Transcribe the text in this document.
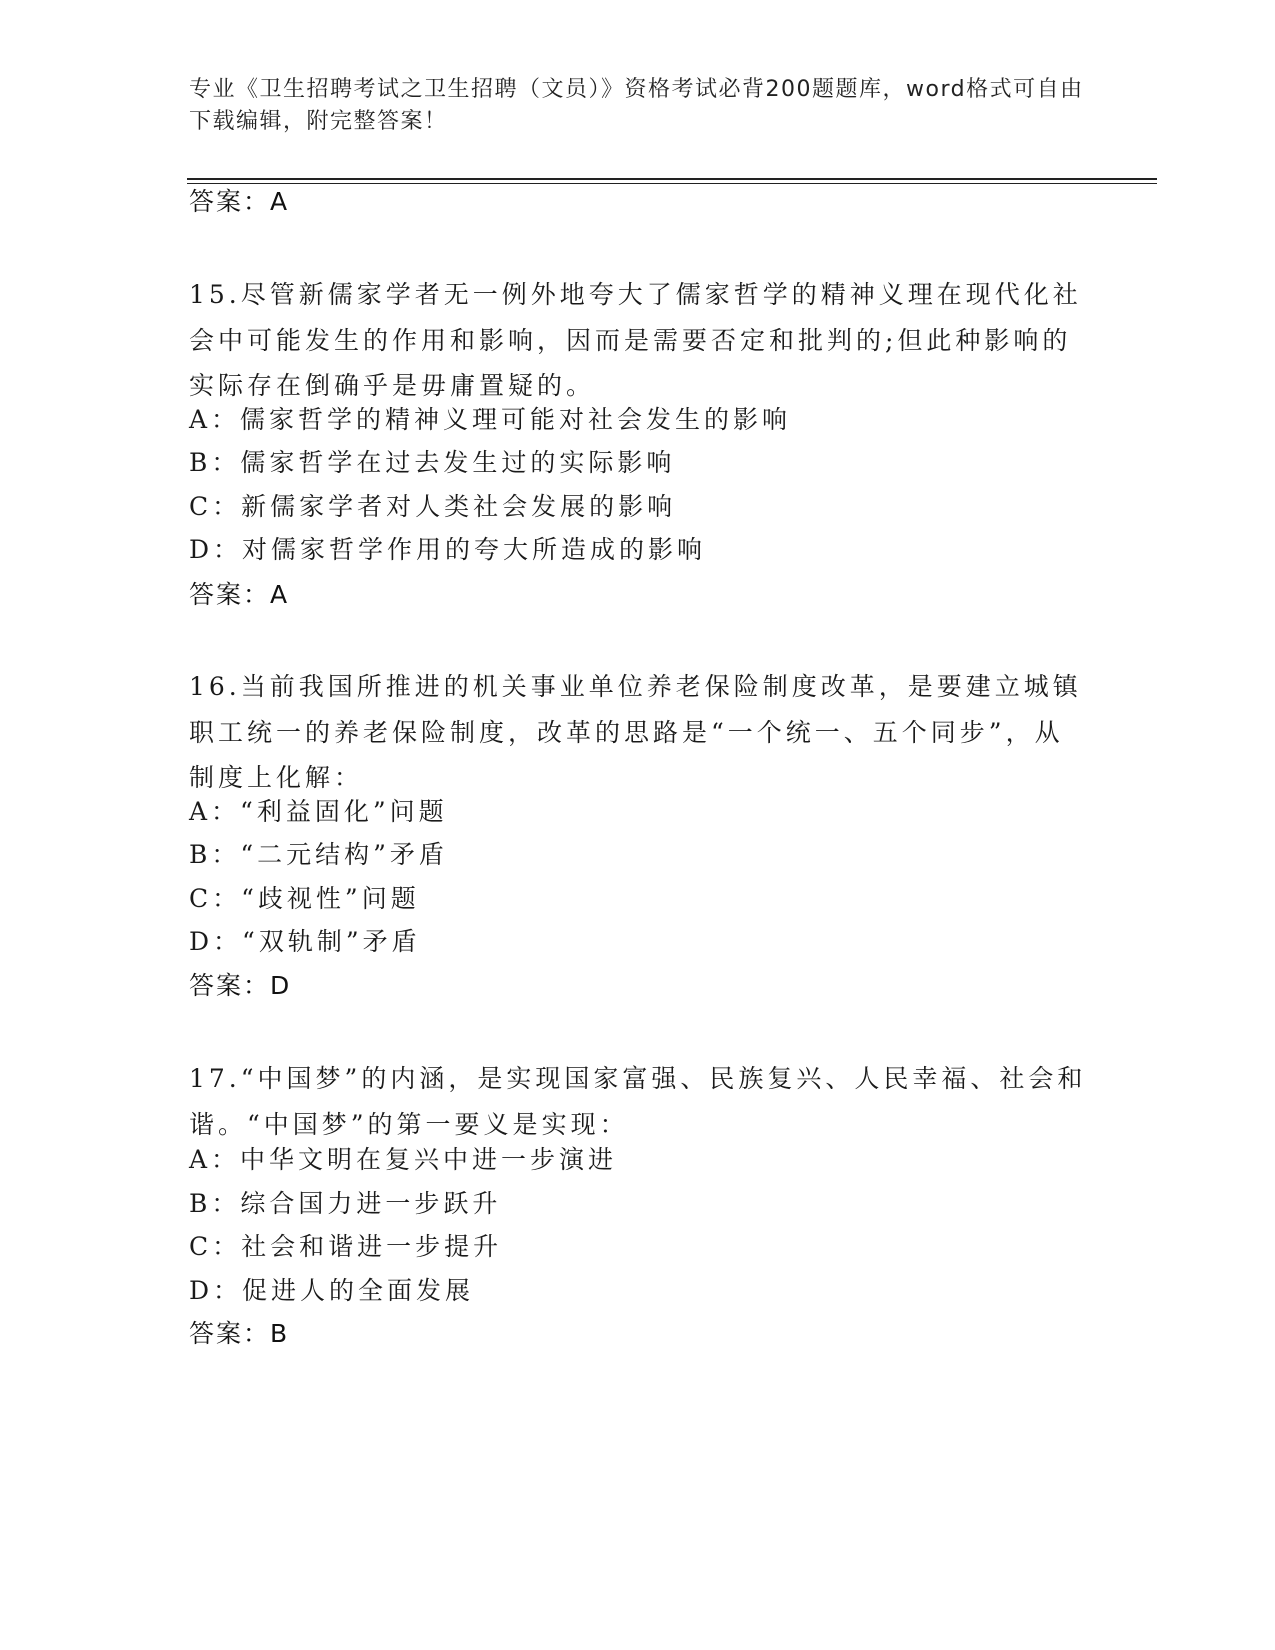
专业《卫生招聘考试之卫生招聘（文员）》资格考试必背200题题库，word格式可自由下载编辑，附完整答案！
答案：A
15.尽管新儒家学者无一例外地夸大了儒家哲学的精神义理在现代化社会中可能发生的作用和影响，因而是需要否定和批判的;但此种影响的实际存在倒确乎是毋庸置疑的。
A：儒家哲学的精神义理可能对社会发生的影响
B：儒家哲学在过去发生过的实际影响
C：新儒家学者对人类社会发展的影响
D：对儒家哲学作用的夸大所造成的影响
答案：A
16.当前我国所推进的机关事业单位养老保险制度改革，是要建立城镇职工统一的养老保险制度，改革的思路是“一个统一、五个同步”，从制度上化解：
A：“利益固化”问题
B：“二元结构”矛盾
C：“歧视性”问题
D：“双轨制”矛盾
答案：D
17.“中国梦”的内涵，是实现国家富强、民族复兴、人民幸福、社会和谐。“中国梦”的第一要义是实现：
A：中华文明在复兴中进一步演进
B：综合国力进一步跃升
C：社会和谐进一步提升
D：促进人的全面发展
答案：B
